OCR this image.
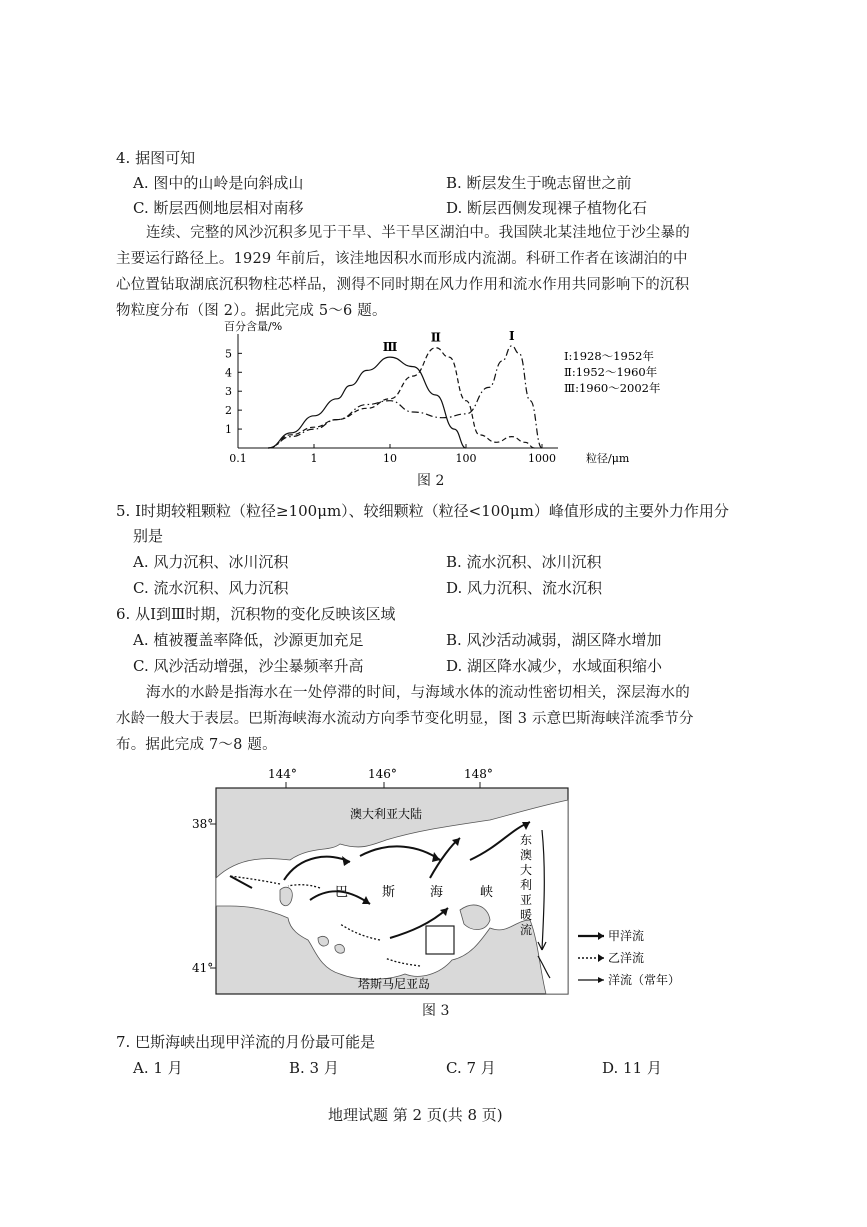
4. 据图可知
A. 图中的山岭是向斜成山	B. 断层发生于晚志留世之前
C. 断层西侧地层相对南移	D. 断层西侧发现裸子植物化石
连续、完整的风沙沉积多见于干旱、半干旱区湖泊中。我国陕北某洼地位于沙尘暴的
主要运行路径上。1929 年前后，该洼地因积水而形成内流湖。科研工作者在该湖泊的中
心位置钻取湖底沉积物柱芯样品，测得不同时期在风力作用和流水作用共同影响下的沉积
物粒度分布（图 2）。据此完成 5～6 题。
0.1	1	10	100	1000
1
2
3
4
5
百分含量/%
粒径/μm
Ⅰ
Ⅱ
Ⅲ
Ⅰ:1928～1952年
Ⅱ:1952～1960年
Ⅲ:1960～2002年
图 2
5. Ⅰ时期较粗颗粒（粒径≥100μm）、较细颗粒（粒径<100μm）峰值形成的主要外力作用分
别是
A. 风力沉积、冰川沉积	B. 流水沉积、冰川沉积
C. 流水沉积、风力沉积	D. 风力沉积、流水沉积
6. 从Ⅰ到Ⅲ时期，沉积物的变化反映该区域
A. 植被覆盖率降低，沙源更加充足	B. 风沙活动减弱，湖区降水增加
C. 风沙活动增强，沙尘暴频率升高	D. 湖区降水减少，水域面积缩小
海水的水龄是指海水在一处停滞的时间，与海域水体的流动性密切相关，深层海水的
水龄一般大于表层。巴斯海峡海水流动方向季节变化明显，图 3 示意巴斯海峡洋流季节分
布。据此完成 7～8 题。
144°	146°	148°
38°
41°
澳大利亚大陆
巴	斯	海	峡
东
澳
大
利
亚
暖
流
塔斯马尼亚岛
甲洋流
乙洋流
洋流（常年）
图 3
7. 巴斯海峡出现甲洋流的月份最可能是
A. 1 月	B. 3 月	C. 7 月	D. 11 月
地理试题 第 2 页(共 8 页)
